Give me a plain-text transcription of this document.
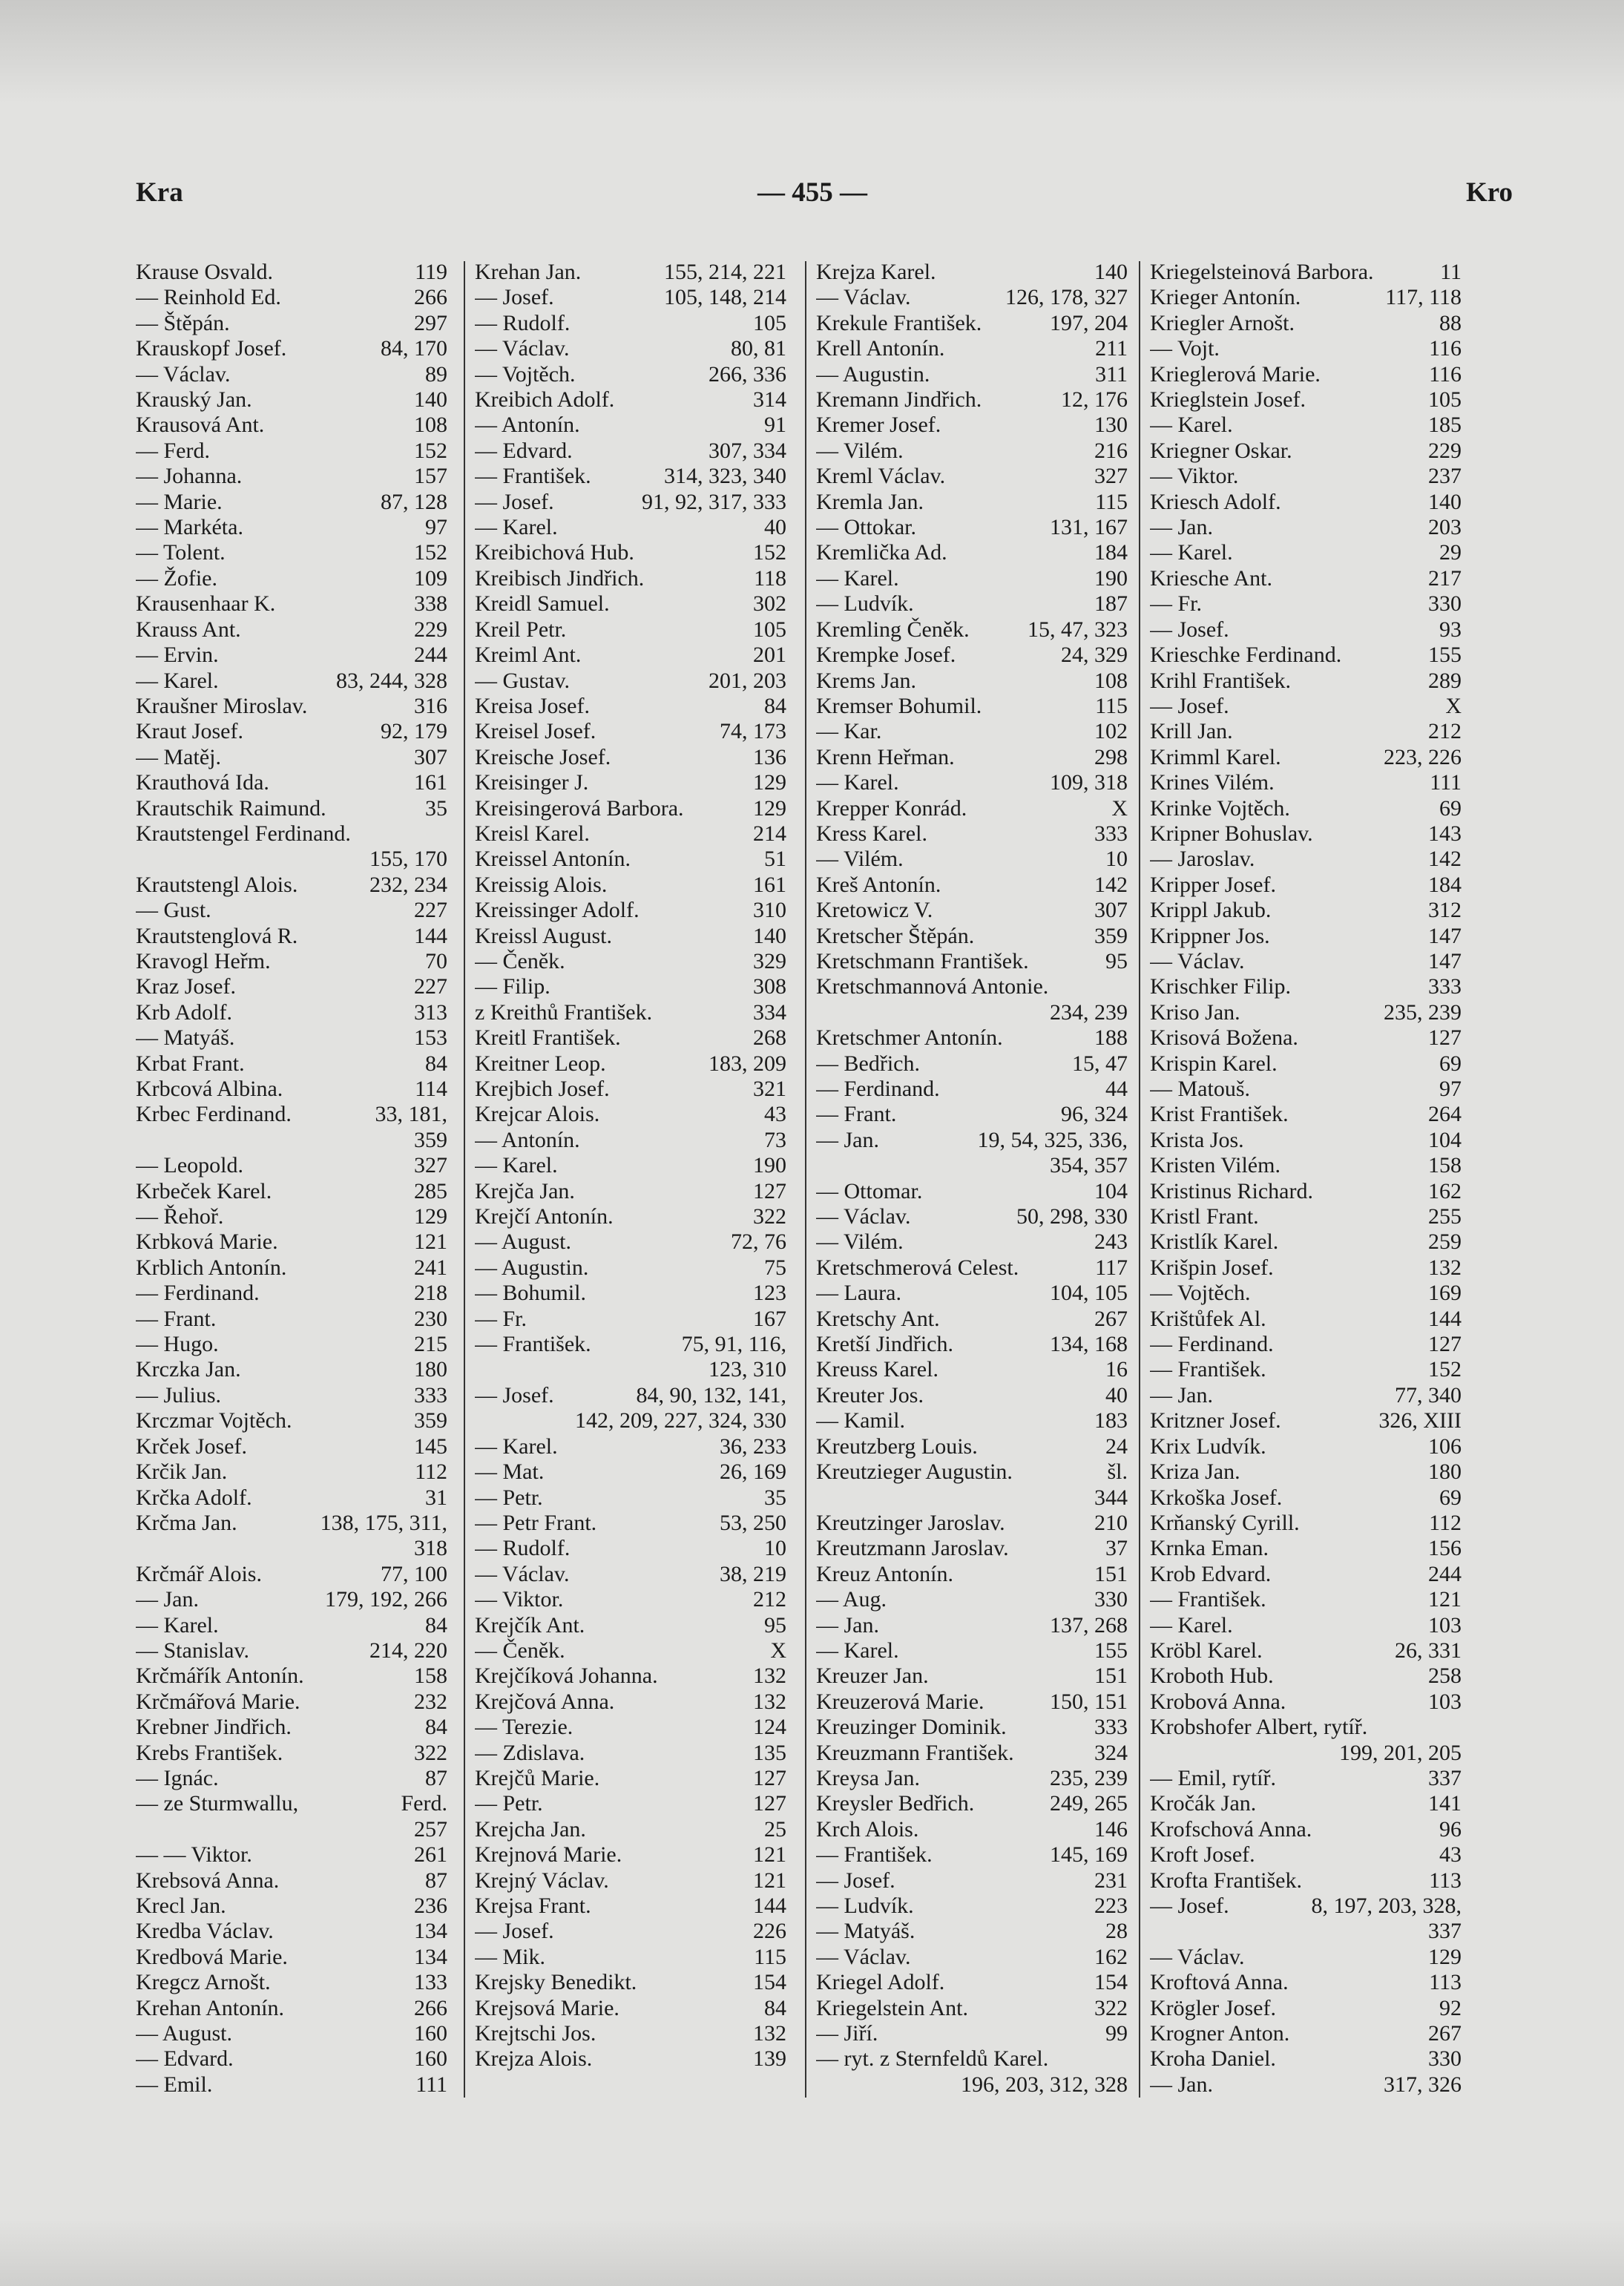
Kra	— 455 —	Kro
Krause Osvald.	119
— Reinhold Ed.	266
— Štěpán.	297
Krauskopf Josef.	84, 170
— Václav.	89
Krauský Jan.	140
Krausová Ant.	108
— Ferd.	152
— Johanna.	157
— Marie.	87, 128
— Markéta.	97
— Tolent.	152
— Žofie.	109
Krausenhaar K.	338
Krauss Ant.	229
— Ervin.	244
— Karel.	83, 244, 328
Kraušner Miroslav.	316
Kraut Josef.	92, 179
— Matěj.	307
Krauthová Ida.	161
Krautschik Raimund.	35
Krautstengel Ferdinand.
155, 170
Krautstengl Alois.	232, 234
— Gust.	227
Krautstenglová R.	144
Kravogl Heřm.	70
Kraz Josef.	227
Krb Adolf.	313
— Matyáš.	153
Krbat Frant.	84
Krbcová Albina.	114
Krbec Ferdinand.	33, 181,
359
— Leopold.	327
Krbeček Karel.	285
— Řehoř.	129
Krbková Marie.	121
Krblich Antonín.	241
— Ferdinand.	218
— Frant.	230
— Hugo.	215
Krczka Jan.	180
— Julius.	333
Krczmar Vojtěch.	359
Krček Josef.	145
Krčik Jan.	112
Krčka Adolf.	31
Krčma Jan.	138, 175, 311,
318
Krčmář Alois.	77, 100
— Jan.	179, 192, 266
— Karel.	84
— Stanislav.	214, 220
Krčmářík Antonín.	158
Krčmářová Marie.	232
Krebner Jindřich.	84
Krebs František.	322
— Ignác.	87
— ze Sturmwallu,	Ferd.
257
— — Viktor.	261
Krebsová Anna.	87
Krecl Jan.	236
Kredba Václav.	134
Kredbová Marie.	134
Kregcz Arnošt.	133
Krehan Antonín.	266
— August.	160
— Edvard.	160
— Emil.	111
Krehan Jan.	155, 214, 221
— Josef.	105, 148, 214
— Rudolf.	105
— Václav.	80, 81
— Vojtěch.	266, 336
Kreibich Adolf.	314
— Antonín.	91
— Edvard.	307, 334
— František.	314, 323, 340
— Josef.	91, 92, 317, 333
— Karel.	40
Kreibichová Hub.	152
Kreibisch Jindřich.	118
Kreidl Samuel.	302
Kreil Petr.	105
Kreiml Ant.	201
— Gustav.	201, 203
Kreisa Josef.	84
Kreisel Josef.	74, 173
Kreische Josef.	136
Kreisinger J.	129
Kreisingerová Barbora.	129
Kreisl Karel.	214
Kreissel Antonín.	51
Kreissig Alois.	161
Kreissinger Adolf.	310
Kreissl August.	140
— Čeněk.	329
— Filip.	308
z Kreithů František.	334
Kreitl František.	268
Kreitner Leop.	183, 209
Krejbich Josef.	321
Krejcar Alois.	43
— Antonín.	73
— Karel.	190
Krejča Jan.	127
Krejčí Antonín.	322
— August.	72, 76
— Augustin.	75
— Bohumil.	123
— Fr.	167
— František.	75, 91, 116,
123, 310
— Josef.	84, 90, 132, 141,
142, 209, 227, 324, 330
— Karel.	36, 233
— Mat.	26, 169
— Petr.	35
— Petr Frant.	53, 250
— Rudolf.	10
— Václav.	38, 219
— Viktor.	212
Krejčík Ant.	95
— Čeněk.	X
Krejčíková Johanna.	132
Krejčová Anna.	132
— Terezie.	124
— Zdislava.	135
Krejčů Marie.	127
— Petr.	127
Krejcha Jan.	25
Krejnová Marie.	121
Krejný Václav.	121
Krejsa Frant.	144
— Josef.	226
— Mik.	115
Krejsky Benedikt.	154
Krejsová Marie.	84
Krejtschi Jos.	132
Krejza Alois.	139
Krejza Karel.	140
— Václav.	126, 178, 327
Krekule František.	197, 204
Krell Antonín.	211
— Augustin.	311
Kremann Jindřich.	12, 176
Kremer Josef.	130
— Vilém.	216
Kreml Václav.	327
Kremla Jan.	115
— Ottokar.	131, 167
Kremlička Ad.	184
— Karel.	190
— Ludvík.	187
Kremling Čeněk.	15, 47, 323
Krempke Josef.	24, 329
Krems Jan.	108
Kremser Bohumil.	115
— Kar.	102
Krenn Heřman.	298
— Karel.	109, 318
Krepper Konrád.	X
Kress Karel.	333
— Vilém.	10
Kreš Antonín.	142
Kretowicz V.	307
Kretscher Štěpán.	359
Kretschmann František.	95
Kretschmannová Antonie.
234, 239
Kretschmer Antonín.	188
— Bedřich.	15, 47
— Ferdinand.	44
— Frant.	96, 324
— Jan.	19, 54, 325, 336,
354, 357
— Ottomar.	104
— Václav.	50, 298, 330
— Vilém.	243
Kretschmerová Celest.	117
— Laura.	104, 105
Kretschy Ant.	267
Kretší Jindřich.	134, 168
Kreuss Karel.	16
Kreuter Jos.	40
— Kamil.	183
Kreutzberg Louis.	24
Kreutzieger Augustin.	šl.
344
Kreutzinger Jaroslav.	210
Kreutzmann Jaroslav.	37
Kreuz Antonín.	151
— Aug.	330
— Jan.	137, 268
— Karel.	155
Kreuzer Jan.	151
Kreuzerová Marie.	150, 151
Kreuzinger Dominik.	333
Kreuzmann František.	324
Kreysa Jan.	235, 239
Kreysler Bedřich.	249, 265
Krch Alois.	146
— František.	145, 169
— Josef.	231
— Ludvík.	223
— Matyáš.	28
— Václav.	162
Kriegel Adolf.	154
Kriegelstein Ant.	322
— Jiří.	99
— ryt. z Sternfeldů Karel.
196, 203, 312, 328
Kriegelsteinová Barbora.	11
Krieger Antonín.	117, 118
Kriegler Arnošt.	88
— Vojt.	116
Krieglerová Marie.	116
Krieglstein Josef.	105
— Karel.	185
Kriegner Oskar.	229
— Viktor.	237
Kriesch Adolf.	140
— Jan.	203
— Karel.	29
Kriesche Ant.	217
— Fr.	330
— Josef.	93
Krieschke Ferdinand.	155
Krihl František.	289
— Josef.	X
Krill Jan.	212
Krimml Karel.	223, 226
Krines Vilém.	111
Krinke Vojtěch.	69
Kripner Bohuslav.	143
— Jaroslav.	142
Kripper Josef.	184
Krippl Jakub.	312
Krippner Jos.	147
— Václav.	147
Krischker Filip.	333
Kriso Jan.	235, 239
Krisová Božena.	127
Krispin Karel.	69
— Matouš.	97
Krist František.	264
Krista Jos.	104
Kristen Vilém.	158
Kristinus Richard.	162
Kristl Frant.	255
Kristlík Karel.	259
Krišpin Josef.	132
— Vojtěch.	169
Krištůfek Al.	144
— Ferdinand.	127
— František.	152
— Jan.	77, 340
Kritzner Josef.	326, XIII
Krix Ludvík.	106
Kriza Jan.	180
Krkoška Josef.	69
Krňanský Cyrill.	112
Krnka Eman.	156
Krob Edvard.	244
— František.	121
— Karel.	103
Kröbl Karel.	26, 331
Kroboth Hub.	258
Krobová Anna.	103
Krobshofer Albert, rytíř.
199, 201, 205
— Emil, rytíř.	337
Kročák Jan.	141
Krofschová Anna.	96
Kroft Josef.	43
Krofta František.	113
— Josef.	8, 197, 203, 328,
337
— Václav.	129
Kroftová Anna.	113
Krögler Josef.	92
Krogner Anton.	267
Kroha Daniel.	330
— Jan.	317, 326
